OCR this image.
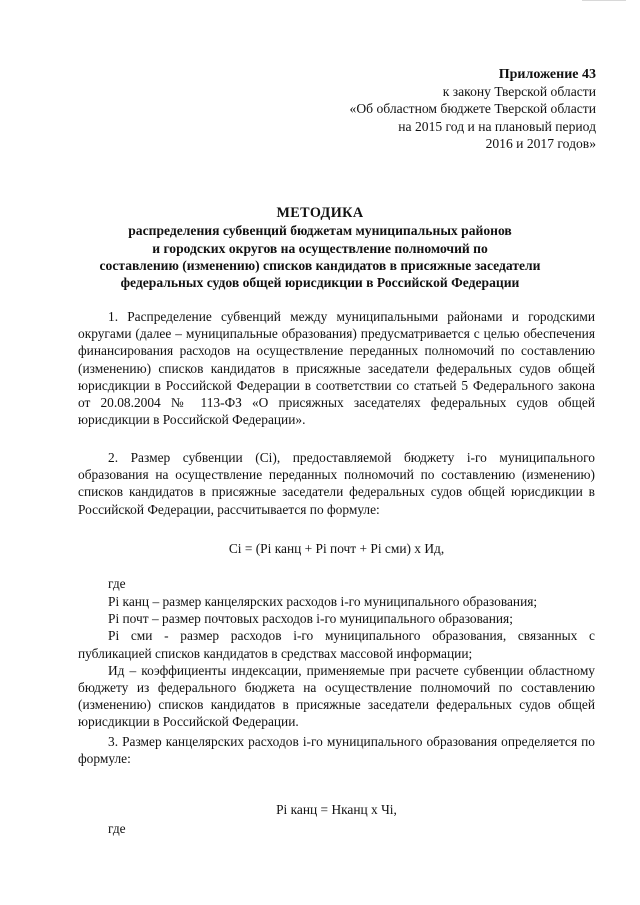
Приложение 43
к закону Тверской области
«Об областном бюджете Тверской области
на 2015 год и на плановый период
2016 и 2017 годов»
МЕТОДИКА
распределения субвенций бюджетам муниципальных районов
и городских округов на осуществление полномочий по
составлению (изменению) списков кандидатов в присяжные заседатели
федеральных судов общей юрисдикции в Российской Федерации

1. Распределение субвенций между муниципальными районами и городскими округами (далее – муниципальные образования) предусматривается с целью обеспечения финансирования расходов на осуществление переданных полномочий по составлению (изменению) списков кандидатов в присяжные заседатели федеральных судов общей юрисдикции в Российской Федерации в соответствии со статьей 5 Федерального закона от 20.08.2004 № 113-ФЗ «О присяжных заседателях федеральных судов общей юрисдикции в Российской Федерации».

2. Размер субвенции (Ci), предоставляемой бюджету i-го муниципального образования на осуществление переданных полномочий по составлению (изменению) списков кандидатов в присяжные заседатели федеральных судов общей юрисдикции в Российской Федерации, рассчитывается по формуле:

Ci = (Pi канц + Pi почт + Pi сми) х Ид,
где

Pi канц – размер канцелярских расходов i-го муниципального образования;

Pi почт – размер почтовых расходов i-го муниципального образования;

Pi сми - размер расходов i-го муниципального образования, связанных с публикацией списков кандидатов в средствах массовой информации;

Ид – коэффициенты индексации, применяемые при расчете субвенции областному бюджету из федерального бюджета на осуществление полномочий по составлению (изменению) списков кандидатов в присяжные заседатели федеральных судов общей юрисдикции в Российской Федерации.

3. Размер канцелярских расходов i-го муниципального образования определяется по формуле:

Pi канц = Нканц х Чi,
где
